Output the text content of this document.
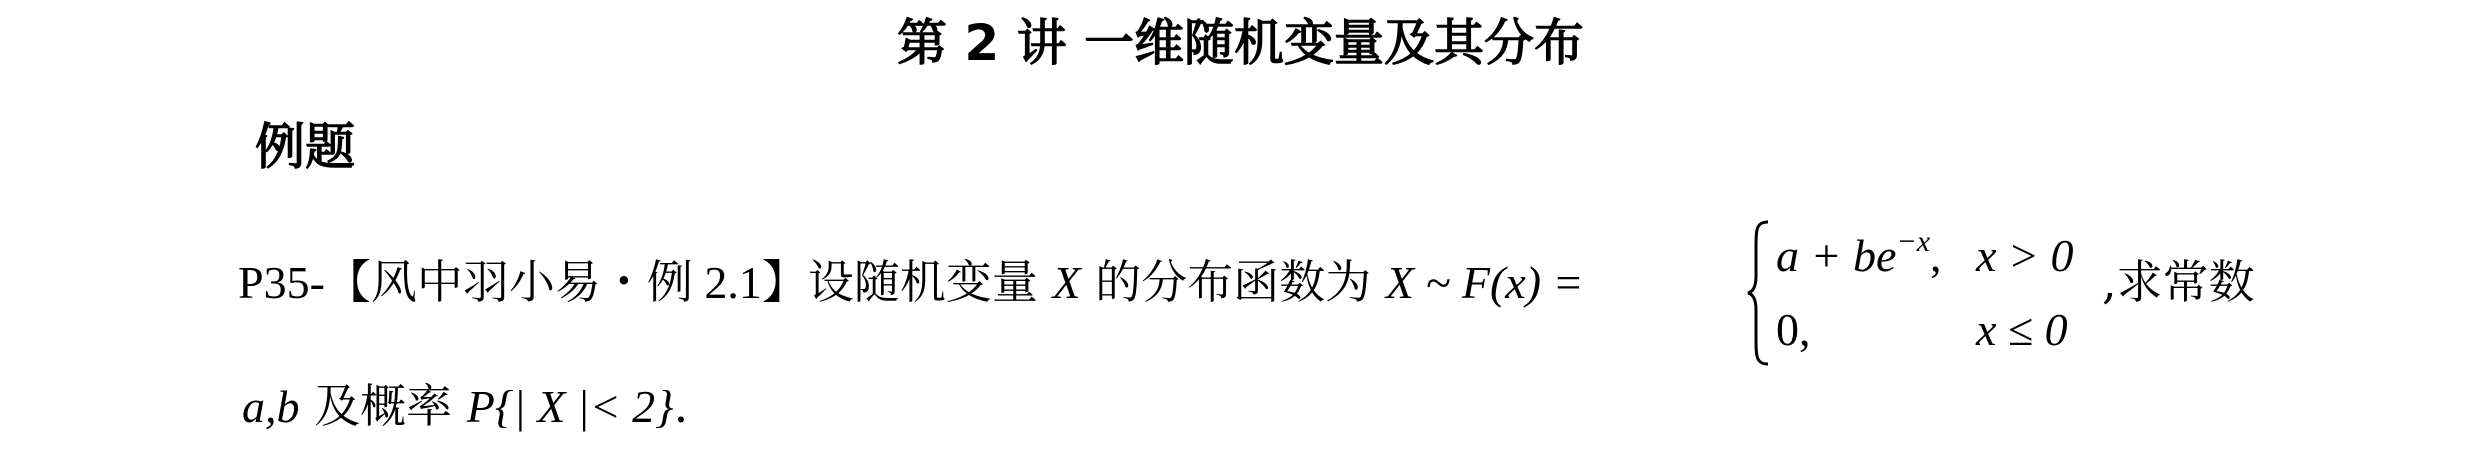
第 2 讲 一维随机变量及其分布
例题
P35-【风中羽小易・例 2.1】设随机变量 X 的分布函数为 X ~ F(x) =
$a + be^{-x}$, x > 0
0,	x ≤ 0
,求常数
a,b 及概率 P{| X |< 2}.
